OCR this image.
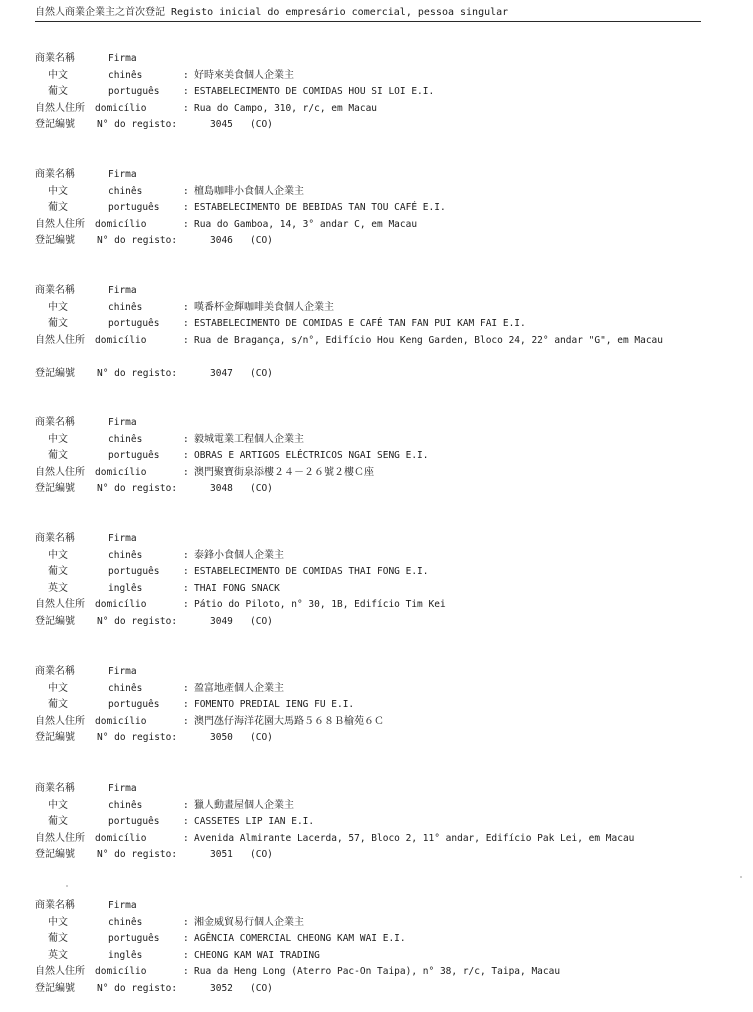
自然人商業企業主之首次登記 Registo inicial do empresário comercial, pessoa singular
商業名稱	Firma
中文	chinês	: 好時來美食個人企業主
葡文	português : ESTABELECIMENTO DE COMIDAS HOU SI LOI E.I.
自然人住所 domicílio	: Rua do Campo, 310, r/c, em Macau
登記編號 N° do registo:	3045 (CO)
商業名稱	Firma
中文	chinês	: 檀島咖啡小食個人企業主
葡文	português : ESTABELECIMENTO DE BEBIDAS TAN TOU CAFÉ E.I.
自然人住所 domicílio	: Rua do Gamboa, 14, 3° andar C, em Macau
登記編號 N° do registo:	3046 (CO)
商業名稱	Firma
中文	chinês	: 嘆番杯金輝咖啡美食個人企業主
葡文	português : ESTABELECIMENTO DE COMIDAS E CAFÉ TAN FAN PUI KAM FAI E.I.
自然人住所 domicílio	: Rua de Bragança, s/n°, Edifício Hou Keng Garden, Bloco 24, 22° andar "G", em Macau
登記編號 N° do registo:	3047 (CO)
商業名稱	Firma
中文	chinês	: 毅城電業工程個人企業主
葡文	português : OBRAS E ARTIGOS ELÉCTRICOS NGAI SENG E.I.
自然人住所 domicílio	: 澳門聚寶街泉添樓２４－２６號２樓Ｃ座
登記編號 N° do registo:	3048 (CO)
商業名稱	Firma
中文	chinês	: 泰鋒小食個人企業主
葡文	português : ESTABELECIMENTO DE COMIDAS THAI FONG E.I.
英文	inglês	: THAI FONG SNACK
自然人住所 domicílio	: Pátio do Piloto, n° 30, 1B, Edifício Tim Kei
登記編號 N° do registo:	3049 (CO)
商業名稱	Firma
中文	chinês	: 盈富地產個人企業主
葡文	português : FOMENTO PREDIAL IENG FU E.I.
自然人住所 domicílio	: 澳門氹仔海洋花園大馬路５６８Ｂ榆苑６Ｃ
登記編號 N° do registo:	3050 (CO)
商業名稱	Firma
中文	chinês	: 獵人動畫屋個人企業主
葡文	português : CASSETES LIP IAN E.I.
自然人住所 domicílio	: Avenida Almirante Lacerda, 57, Bloco 2, 11° andar, Edifício Pak Lei, em Macau
登記編號 N° do registo:	3051 (CO)
商業名稱	Firma
中文	chinês	: 湘金威貿易行個人企業主
葡文	português : AGÊNCIA COMERCIAL CHEONG KAM WAI E.I.
英文	inglês	: CHEONG KAM WAI TRADING
自然人住所 domicílio	: Rua da Heng Long (Aterro Pac-On Taipa), n° 38, r/c, Taipa, Macau
登記編號 N° do registo:	3052 (CO)
